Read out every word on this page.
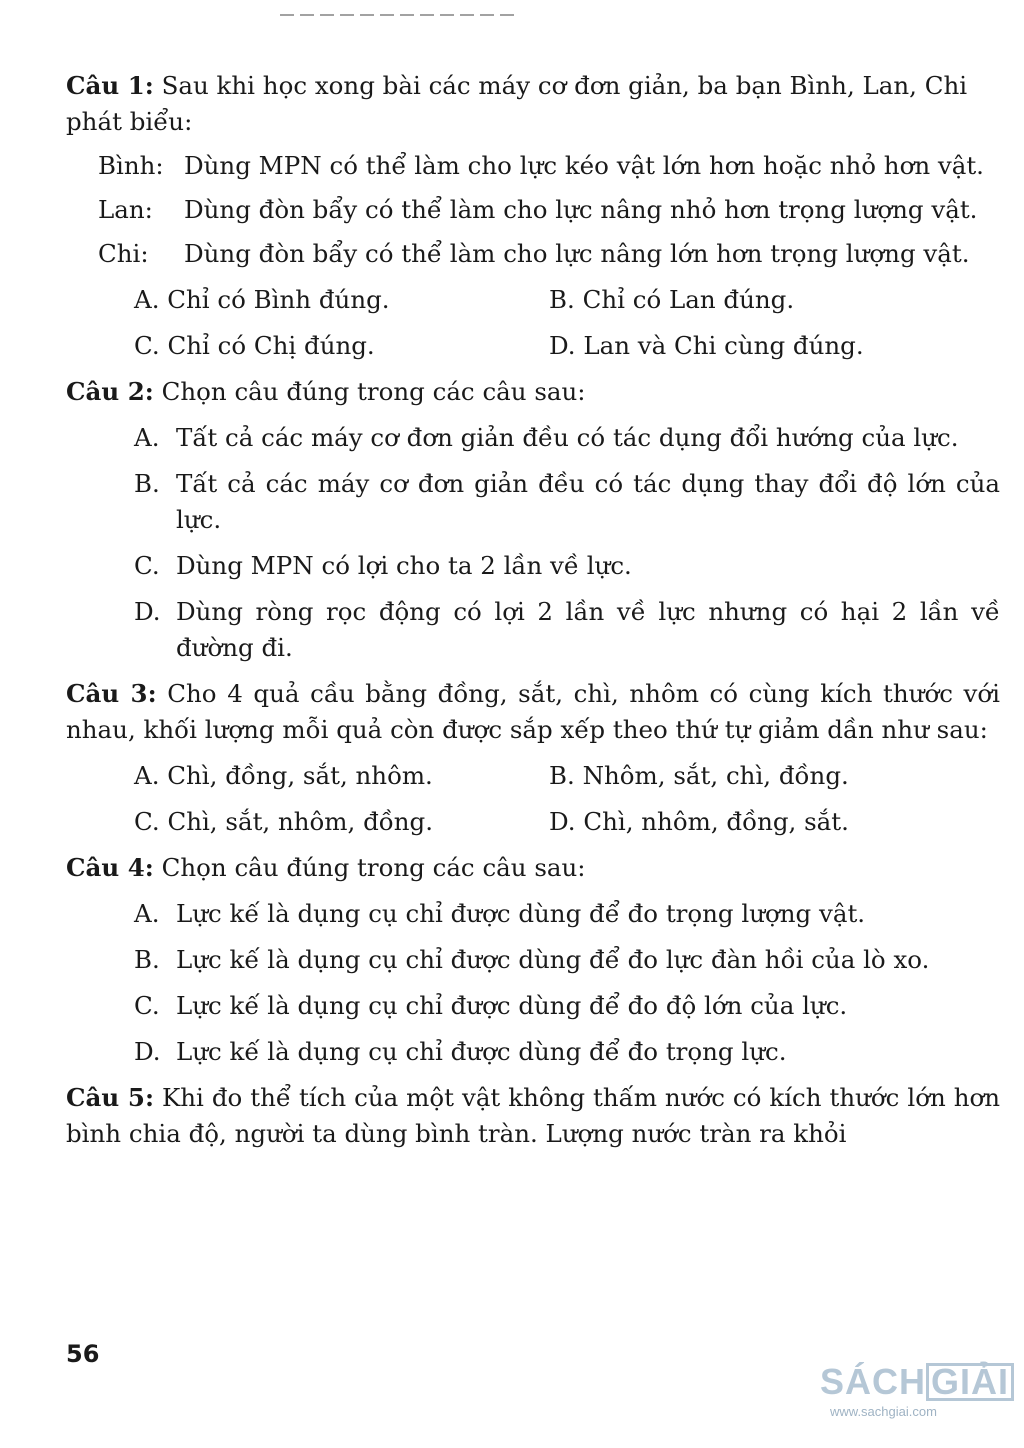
Câu 1: Sau khi học xong bài các máy cơ đơn giản, ba bạn Bình, Lan, Chi phát biểu:

Bình: Dùng MPN có thể làm cho lực kéo vật lớn hơn hoặc nhỏ hơn vật.
Lan:	Dùng đòn bẩy có thể làm cho lực nâng nhỏ hơn trọng lượng vật.
Chi:	Dùng đòn bẩy có thể làm cho lực nâng lớn hơn trọng lượng vật.
A. Chỉ có Bình đúng.	B. Chỉ có Lan đúng.
C. Chỉ có Chị đúng.	D. Lan và Chi cùng đúng.

Câu 2: Chọn câu đúng trong các câu sau:

A. Tất cả các máy cơ đơn giản đều có tác dụng đổi hướng của lực.
B. Tất cả các máy cơ đơn giản đều có tác dụng thay đổi độ lớn của lực.
C. Dùng MPN có lợi cho ta 2 lần về lực.
D. Dùng ròng rọc động có lợi 2 lần về lực nhưng có hại 2 lần về đường đi.

Câu 3: Cho 4 quả cầu bằng đồng, sắt, chì, nhôm có cùng kích thước với nhau, khối lượng mỗi quả còn được sắp xếp theo thứ tự giảm dần như sau:

A. Chì, đồng, sắt, nhôm.	B. Nhôm, sắt, chì, đồng.
C. Chì, sắt, nhôm, đồng.	D. Chì, nhôm, đồng, sắt.

Câu 4: Chọn câu đúng trong các câu sau:

A. Lực kế là dụng cụ chỉ được dùng để đo trọng lượng vật.
B. Lực kế là dụng cụ chỉ được dùng để đo lực đàn hồi của lò xo.
C. Lực kế là dụng cụ chỉ được dùng để đo độ lớn của lực.
D. Lực kế là dụng cụ chỉ được dùng để đo trọng lực.

Câu 5: Khi đo thể tích của một vật không thấm nước có kích thước lớn hơn bình chia độ, người ta dùng bình tràn. Lượng nước tràn ra khỏi

56
SÁCH GIẢI
www.sachgiai.com
